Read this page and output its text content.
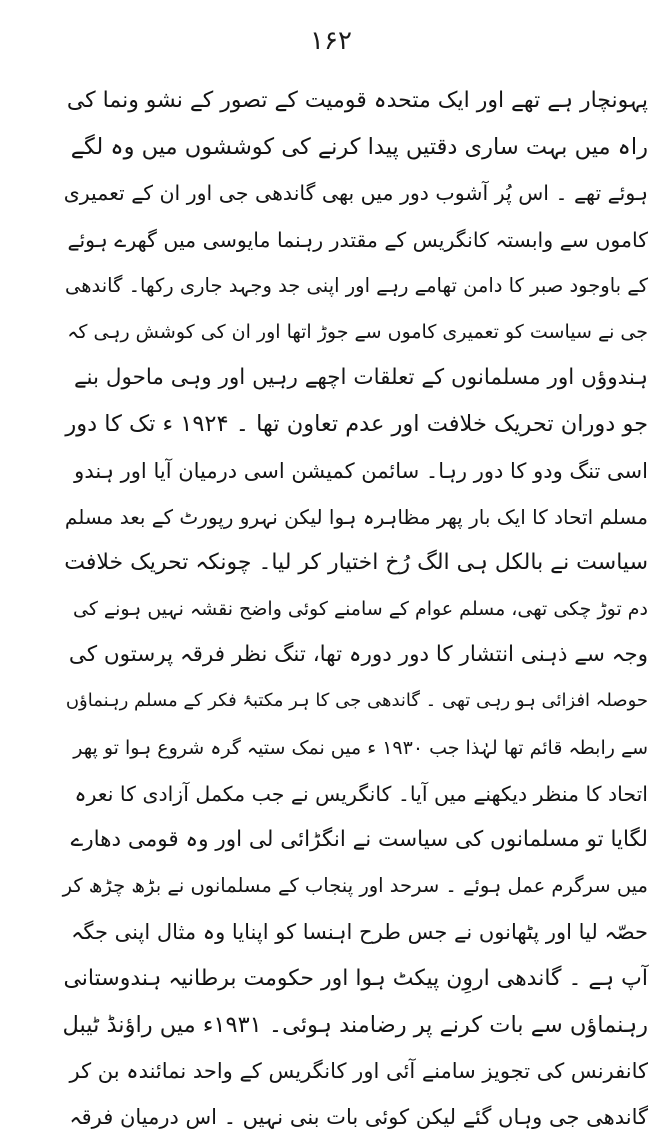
۱۶۲
پہونچار ہے تھے اور ایک متحدہ قومیت کے تصور کے نشو ونما کی
راہ میں بہت ساری دقتیں پیدا کرنے کی کوششوں میں وہ لگے
ہوئے تھے ۔ اس پُر آشوب دور میں بھی گاندھی جی اور ان کے تعمیری
کاموں سے وابستہ کانگریس کے مقتدر رہنما مایوسی میں گھرے ہوئے
کے باوجود صبر کا دامن تھامے رہے اور اپنی جد وجہد جاری رکھا۔ گاندھی
جی نے سیاست کو تعمیری کاموں سے جوڑ اتھا اور ان کی کوشش رہی کہ
ہندوؤں اور مسلمانوں کے تعلقات اچھے رہیں اور وہی ماحول بنے
جو دوران تحریک خلافت اور عدم تعاون تھا ۔ ۱۹۲۴ ء تک کا دور
اسی تنگ ودو کا دور رہا۔ سائمن کمیشن اسی درمیان آیا اور ہندو
مسلم اتحاد کا ایک بار پھر مظاہرہ ہوا لیکن نہرو رپورٹ کے بعد مسلم
سیاست نے بالکل ہی الگ رُخ اختیار کر لیا۔ چونکہ تحریک خلافت
دم توڑ چکی تھی، مسلم عوام کے سامنے کوئی واضح نقشہ نہیں ہونے کی
وجہ سے ذہنی انتشار کا دور دورہ تھا، تنگ نظر فرقہ پرستوں کی
حوصلہ افزائی ہو رہی تھی ۔ گاندھی جی کا ہر مکتبۂ فکر کے مسلم رہنماؤں
سے رابطہ قائم تھا لہٰذا جب ۱۹۳۰ ء میں نمک ستیہ گرہ شروع ہوا تو پھر
اتحاد کا منظر دیکھنے میں آیا۔ کانگریس نے جب مکمل آزادی کا نعرہ
لگایا تو مسلمانوں کی سیاست نے انگڑائی لی اور وہ قومی دھارے
میں سرگرم عمل ہوئے ۔ سرحد اور پنجاب کے مسلمانوں نے بڑھ چڑھ کر
حصّہ لیا اور پٹھانوں نے جس طرح اہنسا کو اپنایا وہ مثال اپنی جگہ
آپ ہے ۔ گاندھی اروِن پیکٹ ہوا اور حکومت برطانیہ ہندوستانی
رہنماؤں سے بات کرنے پر رضامند ہوئی۔ ۱۹۳۱ء میں راؤنڈ ٹیبل
کانفرنس کی تجویز سامنے آئی اور کانگریس کے واحد نمائندہ بن کر
گاندھی جی وہاں گئے لیکن کوئی بات بنی نہیں ۔ اس درمیان فرقہ
